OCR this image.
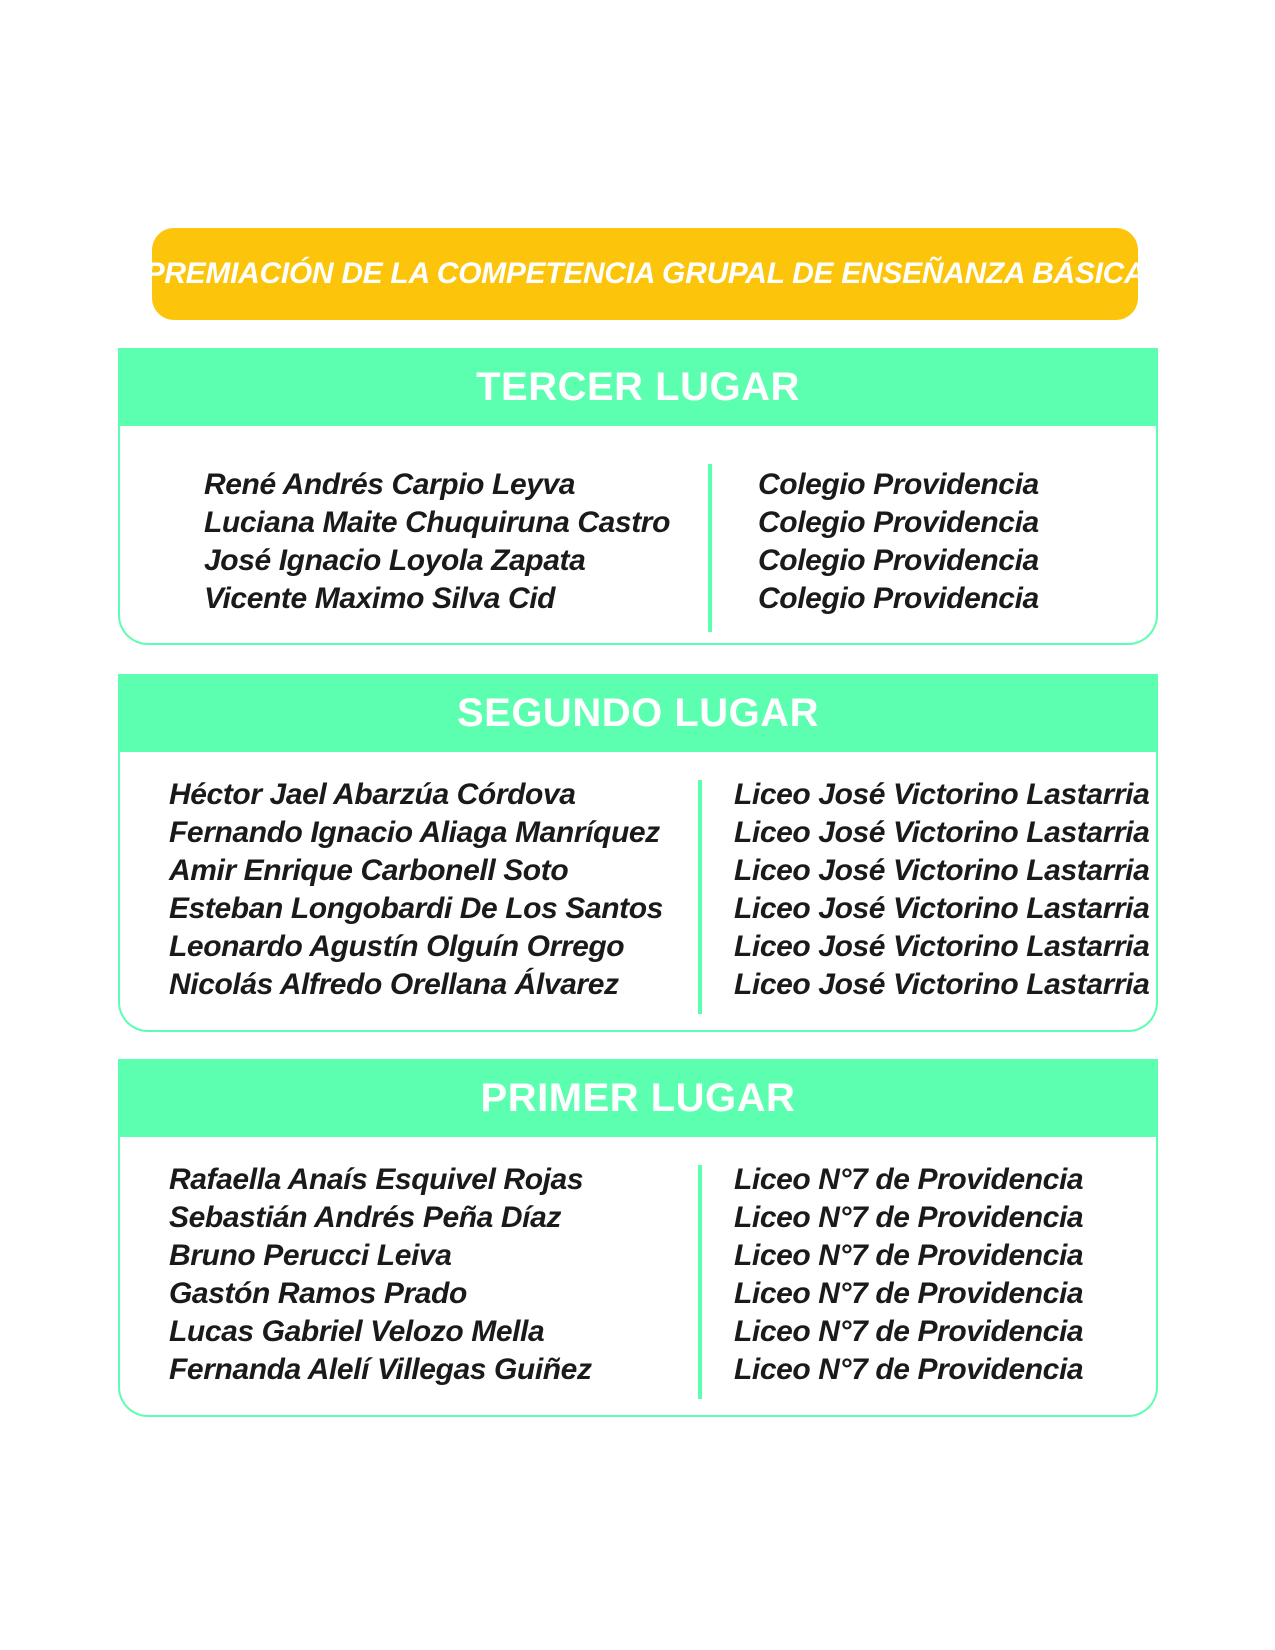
PREMIACIÓN DE LA COMPETENCIA GRUPAL DE ENSEÑANZA BÁSICA
TERCER LUGAR
René Andrés Carpio Leyva
Luciana Maite Chuquiruna Castro
José Ignacio Loyola Zapata
Vicente Maximo Silva Cid
Colegio Providencia
Colegio Providencia
Colegio Providencia
Colegio Providencia
SEGUNDO LUGAR
Héctor Jael Abarzúa Córdova
Fernando Ignacio Aliaga Manríquez
Amir Enrique Carbonell Soto
Esteban Longobardi De Los Santos
Leonardo Agustín Olguín Orrego
Nicolás Alfredo Orellana Álvarez
Liceo José Victorino Lastarria
Liceo José Victorino Lastarria
Liceo José Victorino Lastarria
Liceo José Victorino Lastarria
Liceo José Victorino Lastarria
Liceo José Victorino Lastarria
PRIMER LUGAR
Rafaella Anaís Esquivel Rojas
Sebastián Andrés Peña Díaz
Bruno Perucci Leiva
Gastón Ramos Prado
Lucas Gabriel Velozo Mella
Fernanda Alelí Villegas Guiñez
Liceo N°7 de Providencia
Liceo N°7 de Providencia
Liceo N°7 de Providencia
Liceo N°7 de Providencia
Liceo N°7 de Providencia
Liceo N°7 de Providencia
